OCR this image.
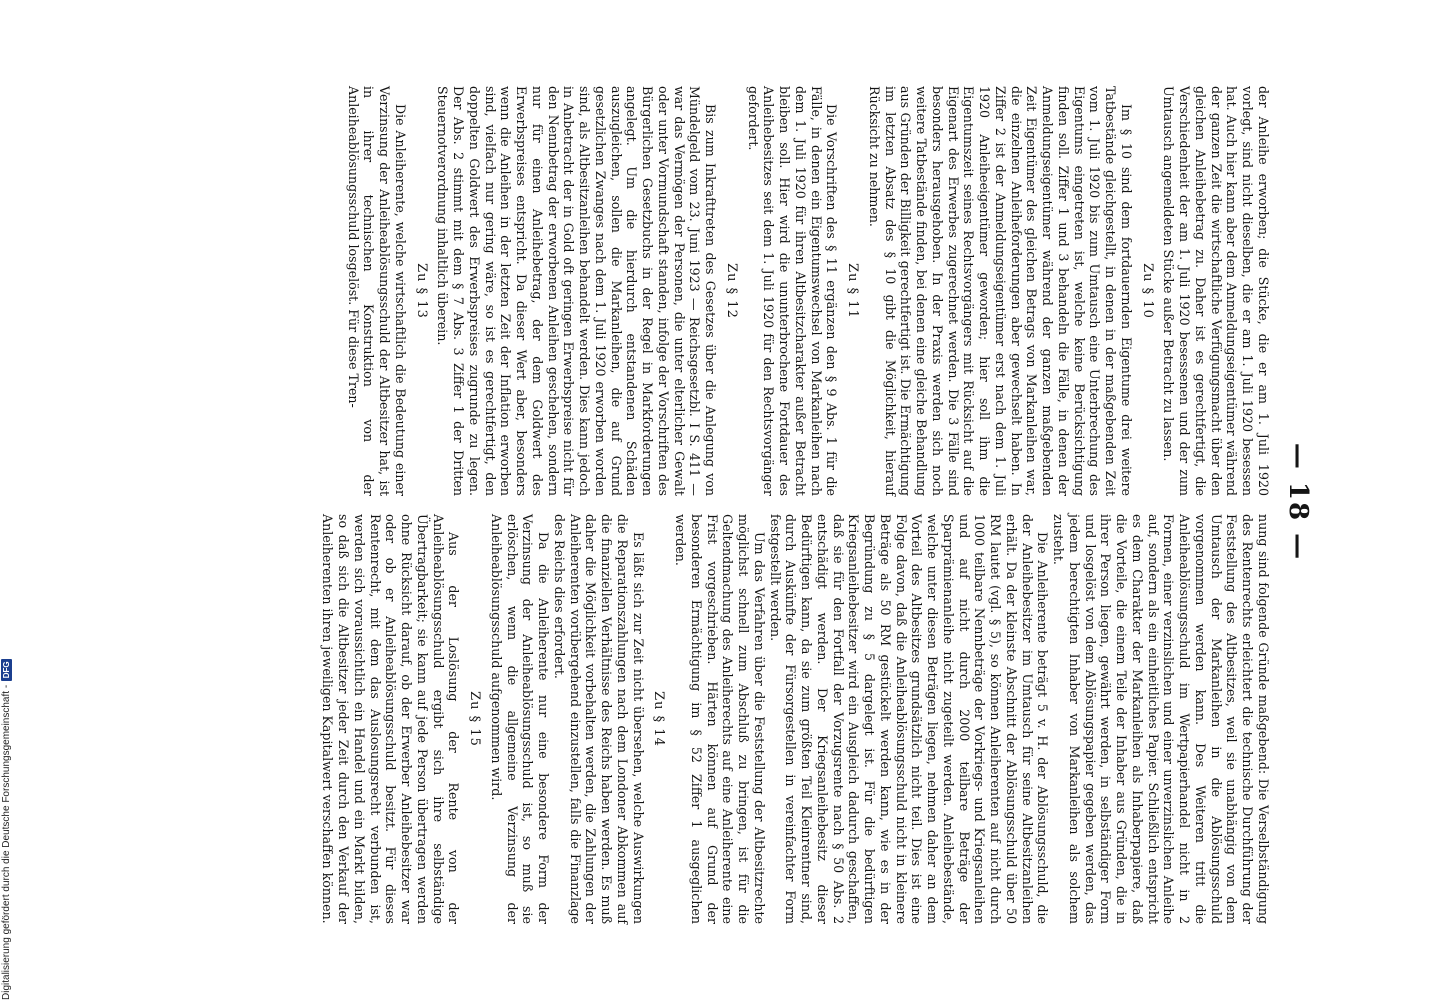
— 18 —

der Anleihe erworben; die Stücke, die er am 1. Juli 1920 vorlegt, sind nicht dieselben, die er am 1. Juli 1920 besessen hat. Auch hier kann aber dem Anmeldungseigentümer während der ganzen Zeit die wirtschaftliche Verfügungsmacht über den gleichen Anleihebetrag zu. Daher ist es gerechtfertigt, die Verschiedenheit der am 1. Juli 1920 besessenen und der zum Umtausch angemeldeten Stücke außer Betracht zu lassen.

Zu § 10

Im § 10 sind dem fortdauernden Eigentume drei weitere Tatbestände gleichgestellt, in denen in der maßgebenden Zeit vom 1. Juli 1920 bis zum Umtausch eine Unterbrechung des Eigentums eingetreten ist, welche keine Berücksichtigung finden soll. Ziffer 1 und 3 behandeln die Fälle, in denen der Anmeldungseigentümer während der ganzen maßgebenden Zeit Eigentümer des gleichen Betrags von Markanleihen war, die einzelnen Anleiheforderungen aber gewechselt haben. In Ziffer 2 ist der Anmeldungseigentümer erst nach dem 1. Juli 1920 Anleiheeigentümer geworden; hier soll ihm die Eigentumszeit seines Rechtsvorgängers mit Rücksicht auf die Eigenart des Erwerbes zugerechnet werden. Die 3 Fälle sind besonders herausgehoben. In der Praxis werden sich noch weitere Tatbestände finden, bei denen eine gleiche Behandlung aus Gründen der Billigkeit gerechtfertigt ist. Die Ermächtigung im letzten Absatz des § 10 gibt die Möglichkeit, hierauf Rücksicht zu nehmen.

Zu § 11

Die Vorschriften des § 11 ergänzen den § 9 Abs. 1 für die Fälle, in denen ein Eigentumswechsel von Markanleihen nach dem 1. Juli 1920 für ihren Altbesitzcharakter außer Betracht bleiben soll. Hier wird die ununterbrochene Fortdauer des Anleihebesitzes seit dem 1. Juli 1920 für den Rechtsvorgänger gefordert.

Zu § 12

Bis zum Inkrafttreten des Gesetzes über die Anlegung von Mündelgeld vom 23. Juni 1923 — Reichsgesetzbl. I S. 411 — war das Vermögen der Personen, die unter elterlicher Gewalt oder unter Vormundschaft standen, infolge der Vorschriften des Bürgerlichen Gesetzbuchs in der Regel in Markforderungen angelegt. Um die hierdurch entstandenen Schäden auszugleichen, sollen die Markanleihen, die auf Grund gesetzlichen Zwanges nach dem 1. Juli 1920 erworben worden sind, als Altbesitzanleihen behandelt werden. Dies kann jedoch in Anbetracht der in Gold oft geringen Erwerbspreise nicht für den Nennbetrag der erworbenen Anleihen geschehen, sondern nur für einen Anleihebetrag, der dem Goldwert des Erwerbspreises entspricht. Da dieser Wert aber, besonders wenn die Anleihen in der letzten Zeit der Inflation erworben sind, vielfach nur gering wäre, so ist es gerechtfertigt, den doppelten Goldwert des Erwerbspreises zugrunde zu legen. Der Abs. 2 stimmt mit dem § 7 Abs. 3 Ziffer 1 der Dritten Steuernotverordnung inhaltlich überein.

Zu § 13

Die Anleiherente, welche wirtschaftlich die Bedeutung einer Verzinsung der Anleiheablösungsschuld der Altbesitzer hat, ist in ihrer technischen Konstruktion von der Anleiheablösungsschuld losgelöst. Für diese Tren-

nung sind folgende Gründe maßgebend: Die Verselbständigung des Rentenrechts erleichtert die technische Durchführung der Feststellung des Altbesitzes, weil sie unabhängig von dem Umtausch der Markanleihen in die Ablösungsschuld vorgenommen werden kann. Des Weiteren tritt die Anleiheablösungsschuld im Wertpapierhandel nicht in 2 Formen, einer verzinslichen und einer unverzinslichen Anleihe auf, sondern als ein einheitliches Papier. Schließlich entspricht es dem Charakter der Markanleihen als Inhaberpapiere, daß die Vorteile, die einem Teile der Inhaber aus Gründen, die in ihrer Person liegen, gewährt werden, in selbständiger Form und losgelöst von dem Ablösungspapier gegeben werden, das jedem berechtigten Inhaber von Markanleihen als solchem zusteht.

Die Anleiherente beträgt 5 v. H. der Ablösungsschuld, die der Anleihebesitzer im Umtausch für seine Altbesitzanleihen erhält. Da der kleinste Abschnitt der Ablösungsschuld über 50 RM lautet (vgl. § 5), so können Anleiherenten auf nicht durch 1000 teilbare Nennbeträge der Vorkriegs- und Kriegsanleihen und auf nicht durch 2000 teilbare Beträge der Sparprämienanleihe nicht zugeteilt werden. Anleihebestände, welche unter diesen Beträgen liegen, nehmen daher an dem Vorteil des Altbesitzes grundsätzlich nicht teil. Dies ist eine Folge davon, daß die Anleiheablösungsschuld nicht in kleinere Beträge als 50 RM gestückelt werden kann, wie es in der Begründung zu § 5 dargelegt ist. Für die bedürftigen Kriegsanleihebesitzer wird ein Ausgleich dadurch geschaffen, daß sie für den Fortfall der Vorzugsrente nach § 50 Abs. 2 entschädigt werden. Der Kriegsanleihebesitz dieser Bedürftigen kann, da sie zum größten Teil Kleinrentner sind, durch Auskünfte der Fürsorgestellen in vereinfachter Form festgestellt werden.

Um das Verfahren über die Feststellung der Altbesitzrechte möglichst schnell zum Abschluß zu bringen, ist für die Geltendmachung des Anleiherechts auf eine Anleiherente eine Frist vorgeschrieben. Härten können auf Grund der besonderen Ermächtigung im § 52 Ziffer 1 ausgeglichen werden.

Zu § 14

Es läßt sich zur Zeit nicht übersehen, welche Auswirkungen die Reparationszahlungen nach dem Londoner Abkommen auf die finanziellen Verhältnisse des Reichs haben werden. Es muß daher die Möglichkeit vorbehalten werden, die Zahlungen der Anleiherenten vorübergehend einzustellen, falls die Finanzlage des Reichs dies erfordert.

Da die Anleiherente nur eine besondere Form der Verzinsung der Anleiheablösungsschuld ist, so muß sie erlöschen, wenn die allgemeine Verzinsung der Anleiheablösungsschuld aufgenommen wird.

Zu § 15

Aus der Loslösung der Rente von der Anleiheablösungsschuld ergibt sich ihre selbständige Übertragbarkeit; sie kann auf jede Person übertragen werden ohne Rücksicht darauf, ob der Erwerber Anleihebesitzer war oder ob er Anleiheablösungsschuld besitzt. Für dieses Rentenrecht, mit dem das Auslosungsrecht verbunden ist, werden sich voraussichtlich ein Handel und ein Markt bilden, so daß sich die Altbesitzer jeder Zeit durch den Verkauf der Anleiherenten ihren jeweiligen Kapitalwert verschaffen können.

Digitalisierung gefördert durch die Deutsche Forschungsgemeinschaft -
DFG
